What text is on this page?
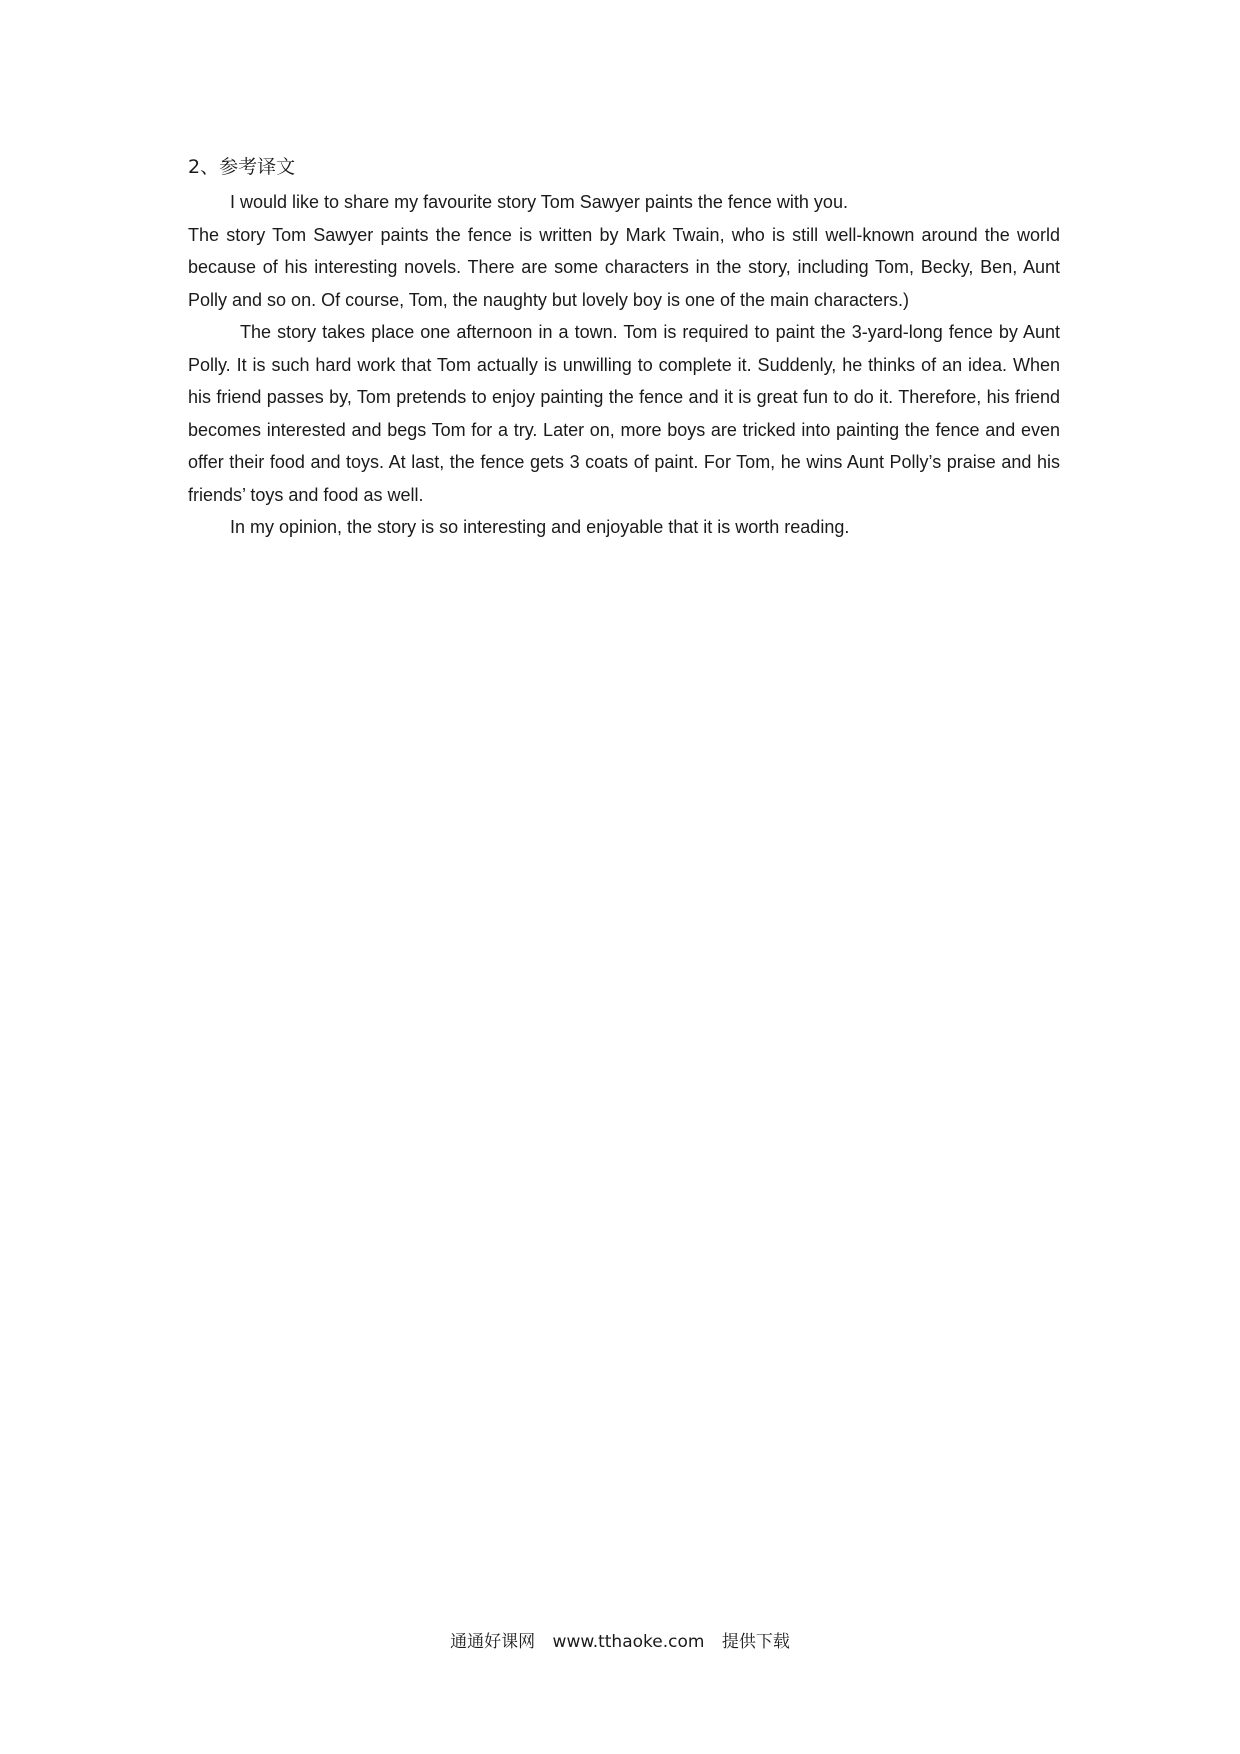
2、参考译文

I would like to share my favourite story Tom Sawyer paints the fence with you.

The story Tom Sawyer paints the fence is written by Mark Twain, who is still well-known around the world because of his interesting novels. There are some characters in the story, including Tom, Becky, Ben, Aunt Polly and so on. Of course, Tom, the naughty but lovely boy is one of the main characters.)

The story takes place one afternoon in a town. Tom is required to paint the 3-yard-long fence by Aunt Polly. It is such hard work that Tom actually is unwilling to complete it. Suddenly, he thinks of an idea. When his friend passes by, Tom pretends to enjoy painting the fence and it is great fun to do it. Therefore, his friend becomes interested and begs Tom for a try. Later on, more boys are tricked into painting the fence and even offer their food and toys. At last, the fence gets 3 coats of paint. For Tom, he wins Aunt Polly’s praise and his friends’ toys and food as well.

In my opinion, the story is so interesting and enjoyable that it is worth reading.

通通好课网 www.tthaoke.com 提供下载
